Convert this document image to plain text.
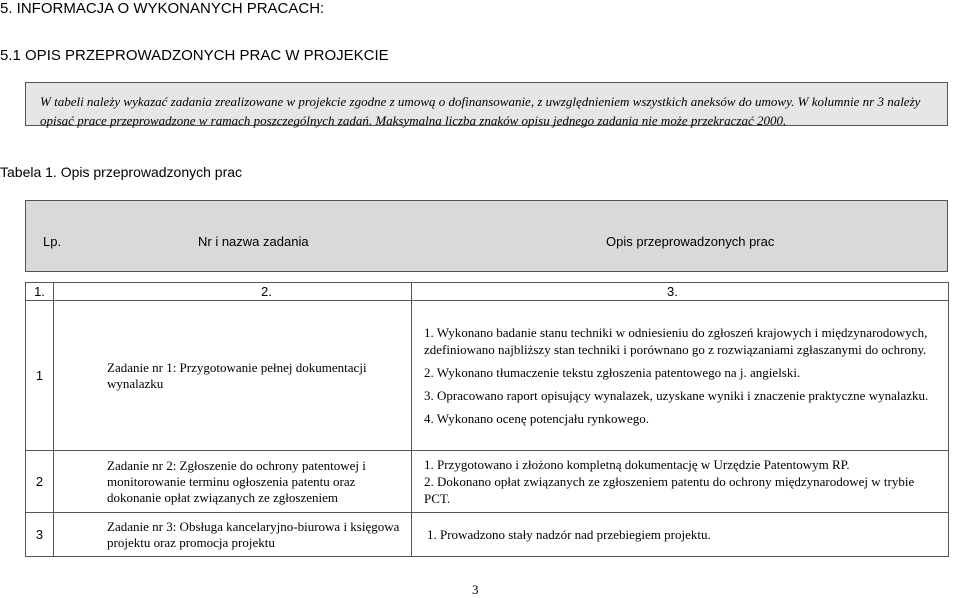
5. INFORMACJA O WYKONANYCH PRACACH:
5.1 OPIS PRZEPROWADZONYCH PRAC W PROJEKCIE
W tabeli należy wykazać zadania zrealizowane w projekcie zgodne z umową o dofinansowanie, z uwzględnieniem wszystkich aneksów do umowy. W kolumnie nr 3 należy opisać prace przeprowadzone w ramach poszczególnych zadań. Maksymalna liczba znaków opisu jednego zadania nie może przekraczać 2000.
Tabela 1. Opis przeprowadzonych prac
Lp.	Nr i nazwa zadania	Opis przeprowadzonych prac
1.	2.	3.
1	Zadanie nr 1: Przygotowanie pełnej dokumentacji wynalazku	1. Wykonano badanie stanu techniki w odniesieniu do zgłoszeń krajowych i międzynarodowych, zdefiniowano najbliższy stan techniki i porównano go z rozwiązaniami zgłaszanymi do ochrony.

2. Wykonano tłumaczenie tekstu zgłoszenia patentowego na j. angielski.

3. Opracowano raport opisujący wynalazek, uzyskane wyniki i znaczenie praktyczne wynalazku.

4. Wykonano ocenę potencjału rynkowego.

2	Zadanie nr 2: Zgłoszenie do ochrony patentowej i monitorowanie terminu ogłoszenia patentu oraz dokonanie opłat związanych ze zgłoszeniem	1. Przygotowano i złożono kompletną dokumentację w Urzędzie Patentowym RP.

2. Dokonano opłat związanych ze zgłoszeniem patentu do ochrony międzynarodowej w trybie PCT.

3	Zadanie nr 3: Obsługa kancelaryjno-biurowa i księgowa projektu oraz promocja projektu	1. Prowadzono stały nadzór nad przebiegiem projektu.

3
